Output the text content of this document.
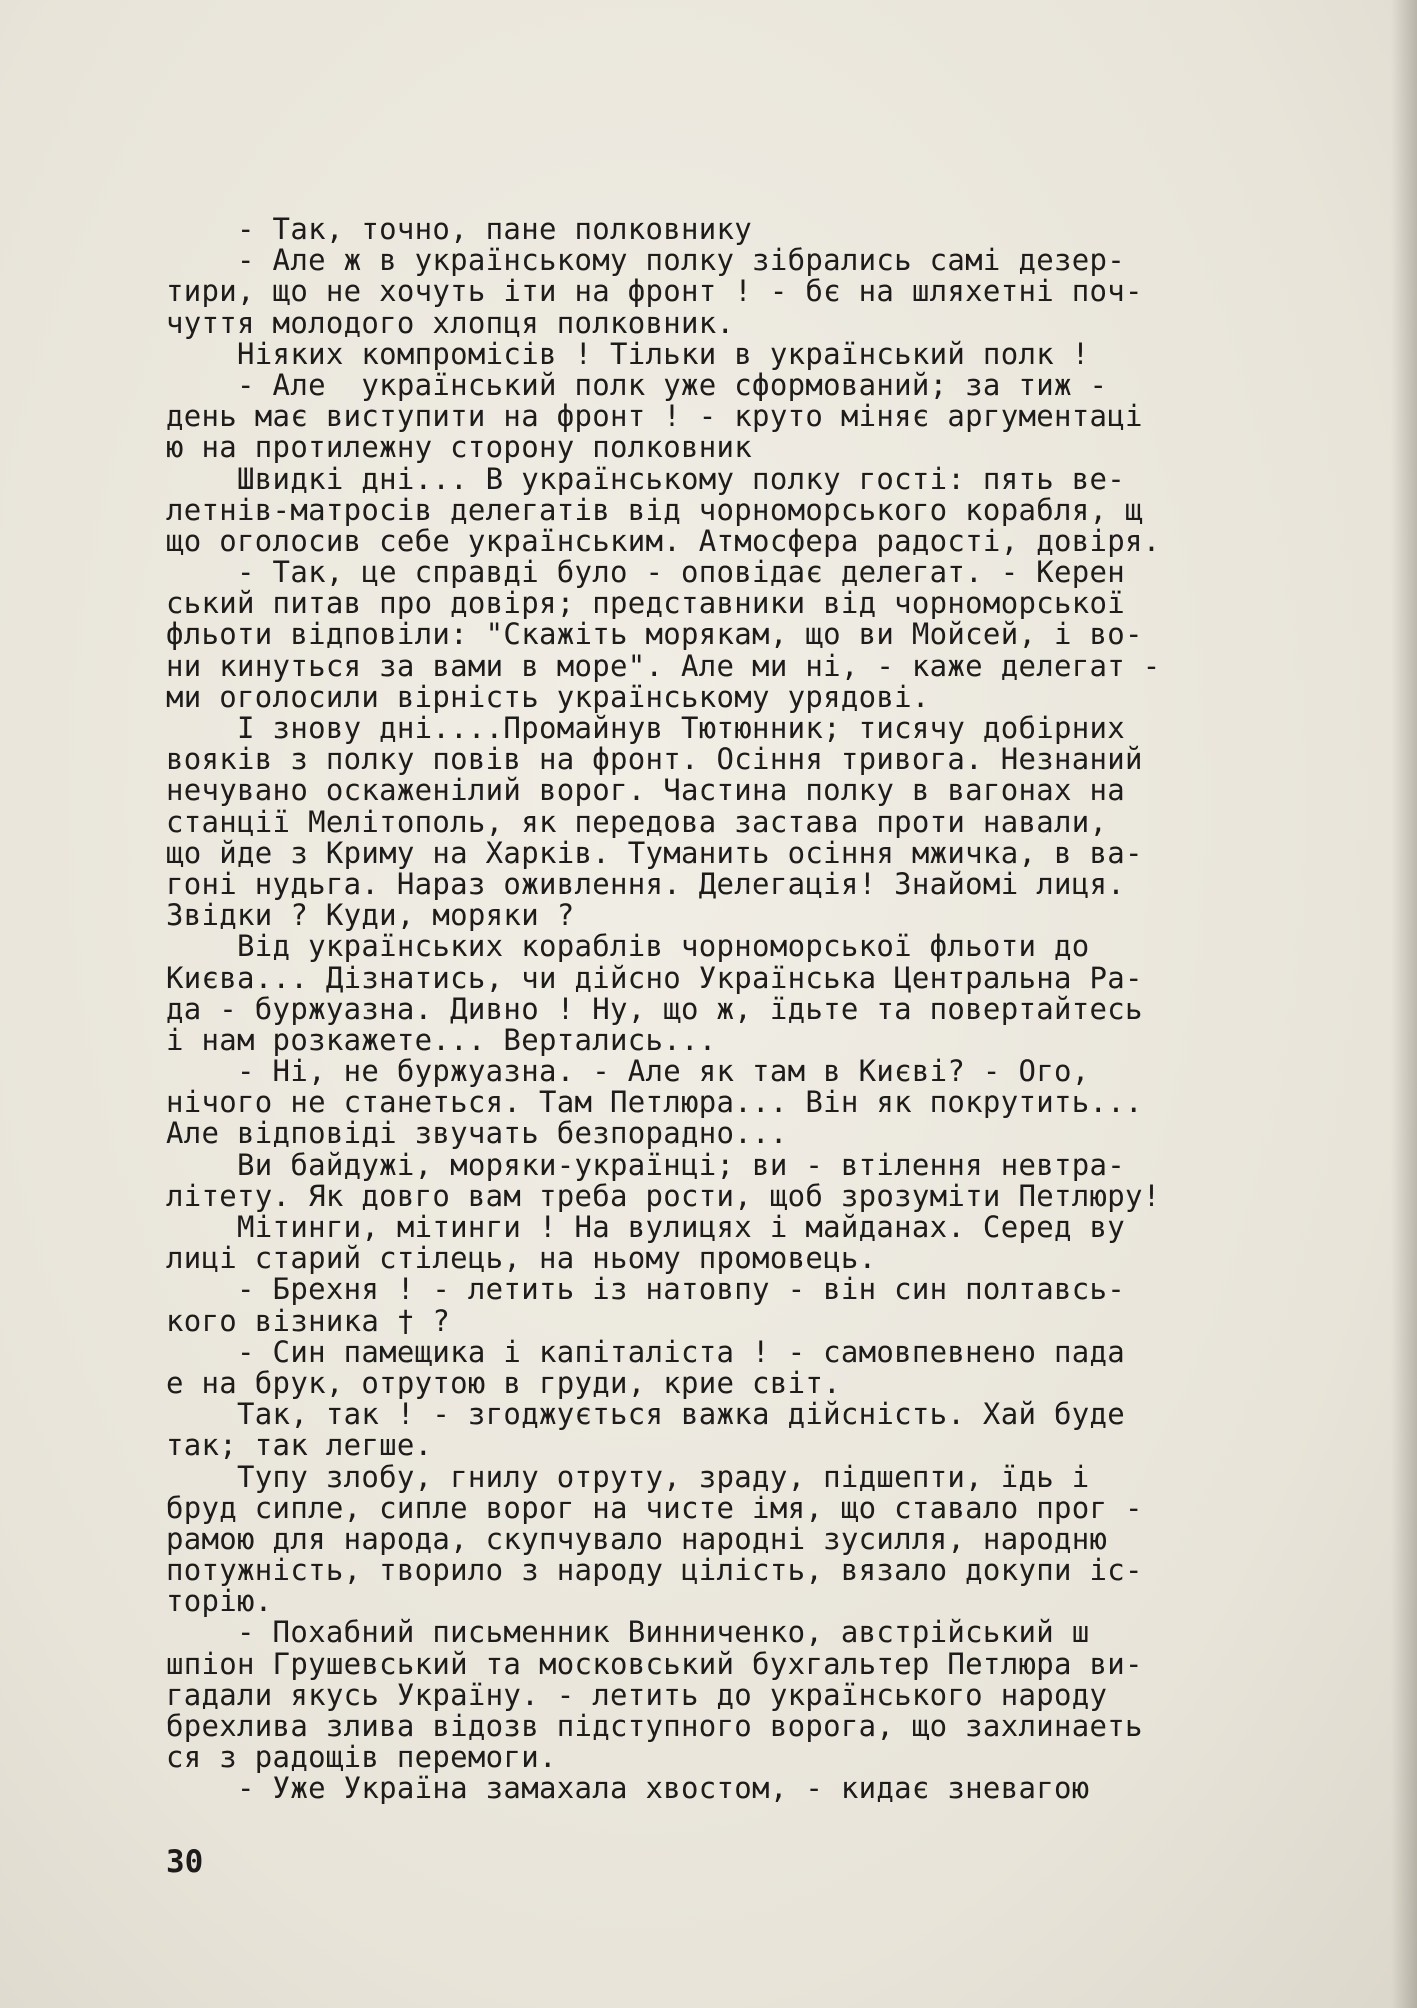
- Так, точно, пане полковнику
- Але ж в українському полку зібрались самі дезер-
тири, що не хочуть іти на фронт ! - бє на шляхетні поч-
чуття молодого хлопця полковник.
Ніяких компромісів ! Тільки в український полк !
- Але  український полк уже сформований; за тиж -
день має виступити на фронт ! - круто міняє аргументаці
ю на протилежну сторону полковник
Швидкі дні... В українському полку гості: пять ве-
летнів-матросів делегатів від чорноморського корабля, щ
що оголосив себе українським. Атмосфера радості, довіря.
- Так, це справді було - оповідає делегат. - Керен
ський питав про довіря; представники від чорноморської
фльоти відповіли: "Скажіть морякам, що ви Мойсей, і во-
ни кинуться за вами в море". Але ми ні, - каже делегат -
ми оголосили вірність українському урядові.
І знову дні....Промайнув Тютюнник; тисячу добірних
вояків з полку повів на фронт. Осіння тривога. Незнаний
нечувано оскаженілий ворог. Частина полку в вагонах на
станції Мелітополь, як передова застава проти навали,
що йде з Криму на Харків. Туманить осіння мжичка, в ва-
гоні нудьга. Нараз оживлення. Делегація! Знайомі лиця.
Звідки ? Куди, моряки ?
Від українських кораблів чорноморської фльоти до
Києва... Дізнатись, чи дійсно Українська Центральна Ра-
да - буржуазна. Дивно ! Ну, що ж, їдьте та повертайтесь
і нам розкажете... Вертались...
- Ні, не буржуазна. - Але як там в Києві? - Ого,
нічого не станеться. Там Петлюра... Він як покрутить...
Але відповіді звучать безпорадно...
Ви байдужі, моряки-українці; ви - втілення невтра-
літету. Як довго вам треба рости, щоб зрозуміти Петлюру!
Мітинги, мітинги ! На вулицях і майданах. Серед ву
лиці старий стілець, на ньому промовець.
- Брехня ! - летить із натовпу - він син полтавсь-
кого візника † ?
- Син памещика і капіталіста ! - самовпевнено пада
е на брук, отрутою в груди, крие світ.
Так, так ! - згоджується важка дійсність. Хай буде
так; так легше.
Тупу злобу, гнилу отруту, зраду, підшепти, їдь і
бруд сипле, сипле ворог на чисте імя, що ставало прог -
рамою для народа, скупчувало народні зусилля, народню
потужність, творило з народу цілість, вязало докупи іс-
торію.
- Похабний письменник Винниченко, австрійський ш
шпіон Грушевський та московський бухгальтер Петлюра ви-
гадали якусь Україну. - летить до українського народу
брехлива злива відозв підступного ворога, що захлинаеть
ся з радощів перемоги.
- Уже Україна замахала хвостом, - кидає зневагою
30
